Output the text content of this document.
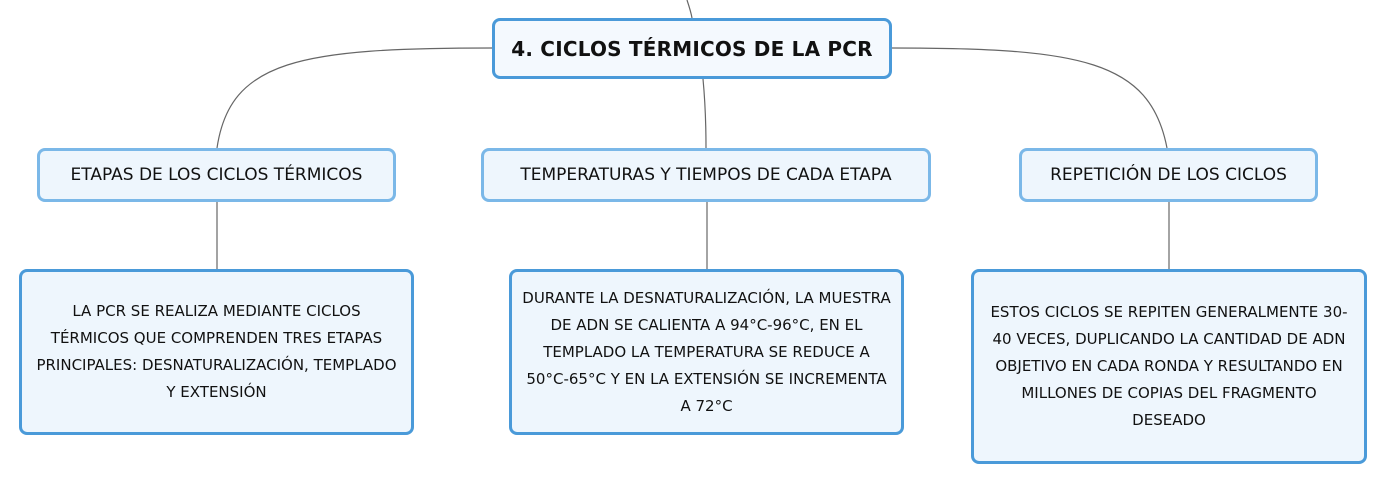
4. CICLOS TÉRMICOS DE LA PCR
ETAPAS DE LOS CICLOS TÉRMICOS	TEMPERATURAS Y TIEMPOS DE CADA ETAPA	REPETICIÓN DE LOS CICLOS
LA PCR SE REALIZA MEDIANTE CICLOS TÉRMICOS QUE COMPRENDEN TRES ETAPAS PRINCIPALES: DESNATURALIZACIÓN, TEMPLADO Y EXTENSIÓN
DURANTE LA DESNATURALIZACIÓN, LA MUESTRA DE ADN SE CALIENTA A 94°C-96°C, EN EL TEMPLADO LA TEMPERATURA SE REDUCE A 50°C-65°C Y EN LA EXTENSIÓN SE INCREMENTA A 72°C
ESTOS CICLOS SE REPITEN GENERALMENTE 30-40 VECES, DUPLICANDO LA CANTIDAD DE ADN OBJETIVO EN CADA RONDA Y RESULTANDO EN MILLONES DE COPIAS DEL FRAGMENTO DESEADO
